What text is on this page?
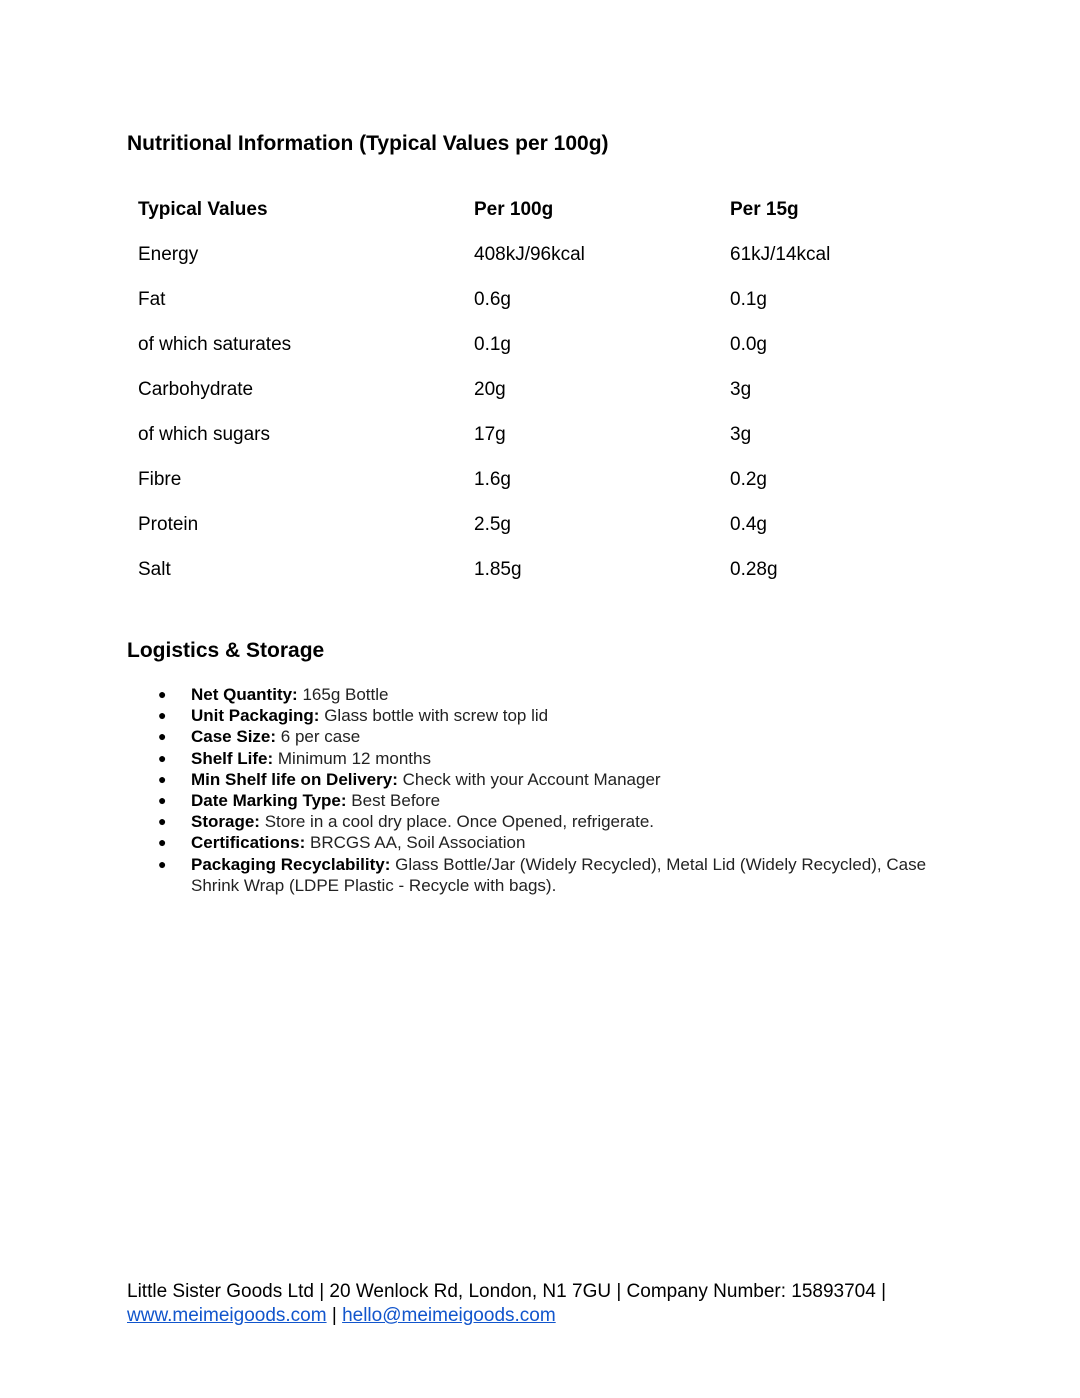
Nutritional Information (Typical Values per 100g)
Typical Values	Per 100g	Per 15g
Energy	408kJ/96kcal	61kJ/14kcal
Fat	0.6g	0.1g
of which saturates	0.1g	0.0g
Carbohydrate	20g	3g
of which sugars	17g	3g
Fibre	1.6g	0.2g
Protein	2.5g	0.4g
Salt	1.85g	0.28g
Logistics & Storage
● Net Quantity: 165g Bottle
● Unit Packaging: Glass bottle with screw top lid
● Case Size: 6 per case
● Shelf Life: Minimum 12 months
● Min Shelf life on Delivery: Check with your Account Manager
● Date Marking Type: Best Before
● Storage: Store in a cool dry place. Once Opened, refrigerate.
● Certifications: BRCGS AA, Soil Association
● Packaging Recyclability: Glass Bottle/Jar (Widely Recycled), Metal Lid (Widely Recycled), Case Shrink Wrap (LDPE Plastic - Recycle with bags).
Little Sister Goods Ltd | 20 Wenlock Rd, London, N1 7GU | Company Number: 15893704 |
www.meimeigoods.com | hello@meimeigoods.com
